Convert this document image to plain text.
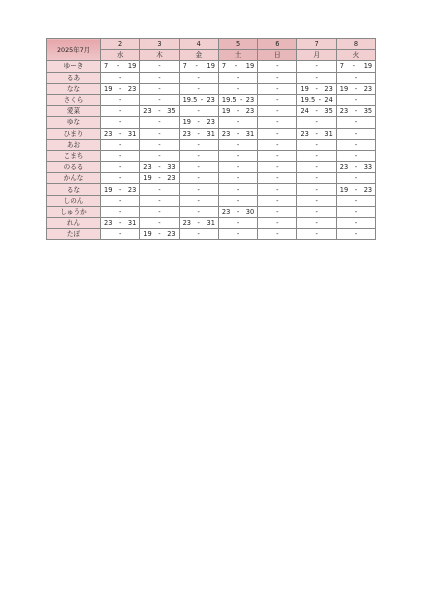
2025年7月	2	3	4	5	6	7	8
	水	木	金	土	日	月	火
ゆーき	7 - 19	-	7 - 19	7 - 19	-	-	7 - 19

るあ	-	-	-	-	-	-	-
なな	19 - 23	-	-	-	-	19 - 23	19 - 23

さくら	-	-	19.5 - 23	19.5 - 23	-	19.5 - 24	-
愛菜	-	23 - 35	-	19 - 23	-	24 - 35	23 - 35

ゆな	-	-	19 - 23	-	-	-	-
ひまり	23 - 31	-	23 - 31	23 - 31	-	23 - 31	-
あお	-	-	-	-	-	-	-
こまち	-	-	-	-	-	-	-
のるる	-	23 - 33	-	-	-	-	23 - 33

かんな	-	19 - 23	-	-	-	-	-
るな	19 - 23	-	-	-	-	-	19 - 23

しのん	-	-	-	-	-	-	-
しゅうか	-	-	-	23 - 30	-	-	-
れん	23 - 31	-	23 - 31	-	-	-	-
たぽ	-	19 - 23	-	-	-	-	-
